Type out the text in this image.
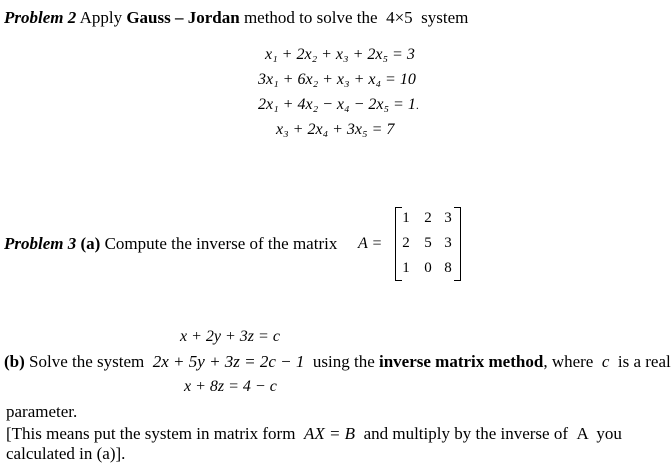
Problem 2 Apply Gauss – Jordan method to solve the 4×5 system
x₁ + 2x₂ + x₃ + 2x₅ = 3
3x₁ + 6x₂ + x₃ + x₄ = 10
2x₁ + 4x₂ − x₄ − 2x₅ = 1.
x₃ + 2x₄ + 3x₅ = 7
Problem 3 (a) Compute the inverse of the matrix A =
1 2 3
2 5 3
1 0 8
x + 2y + 3z = c
(b) Solve the system 2x + 5y + 3z = 2c − 1 using the inverse matrix method, where c is a real
x + 8z = 4 − c
parameter.
[This means put the system in matrix form AX = B and multiply by the inverse of A you
calculated in (a)].
